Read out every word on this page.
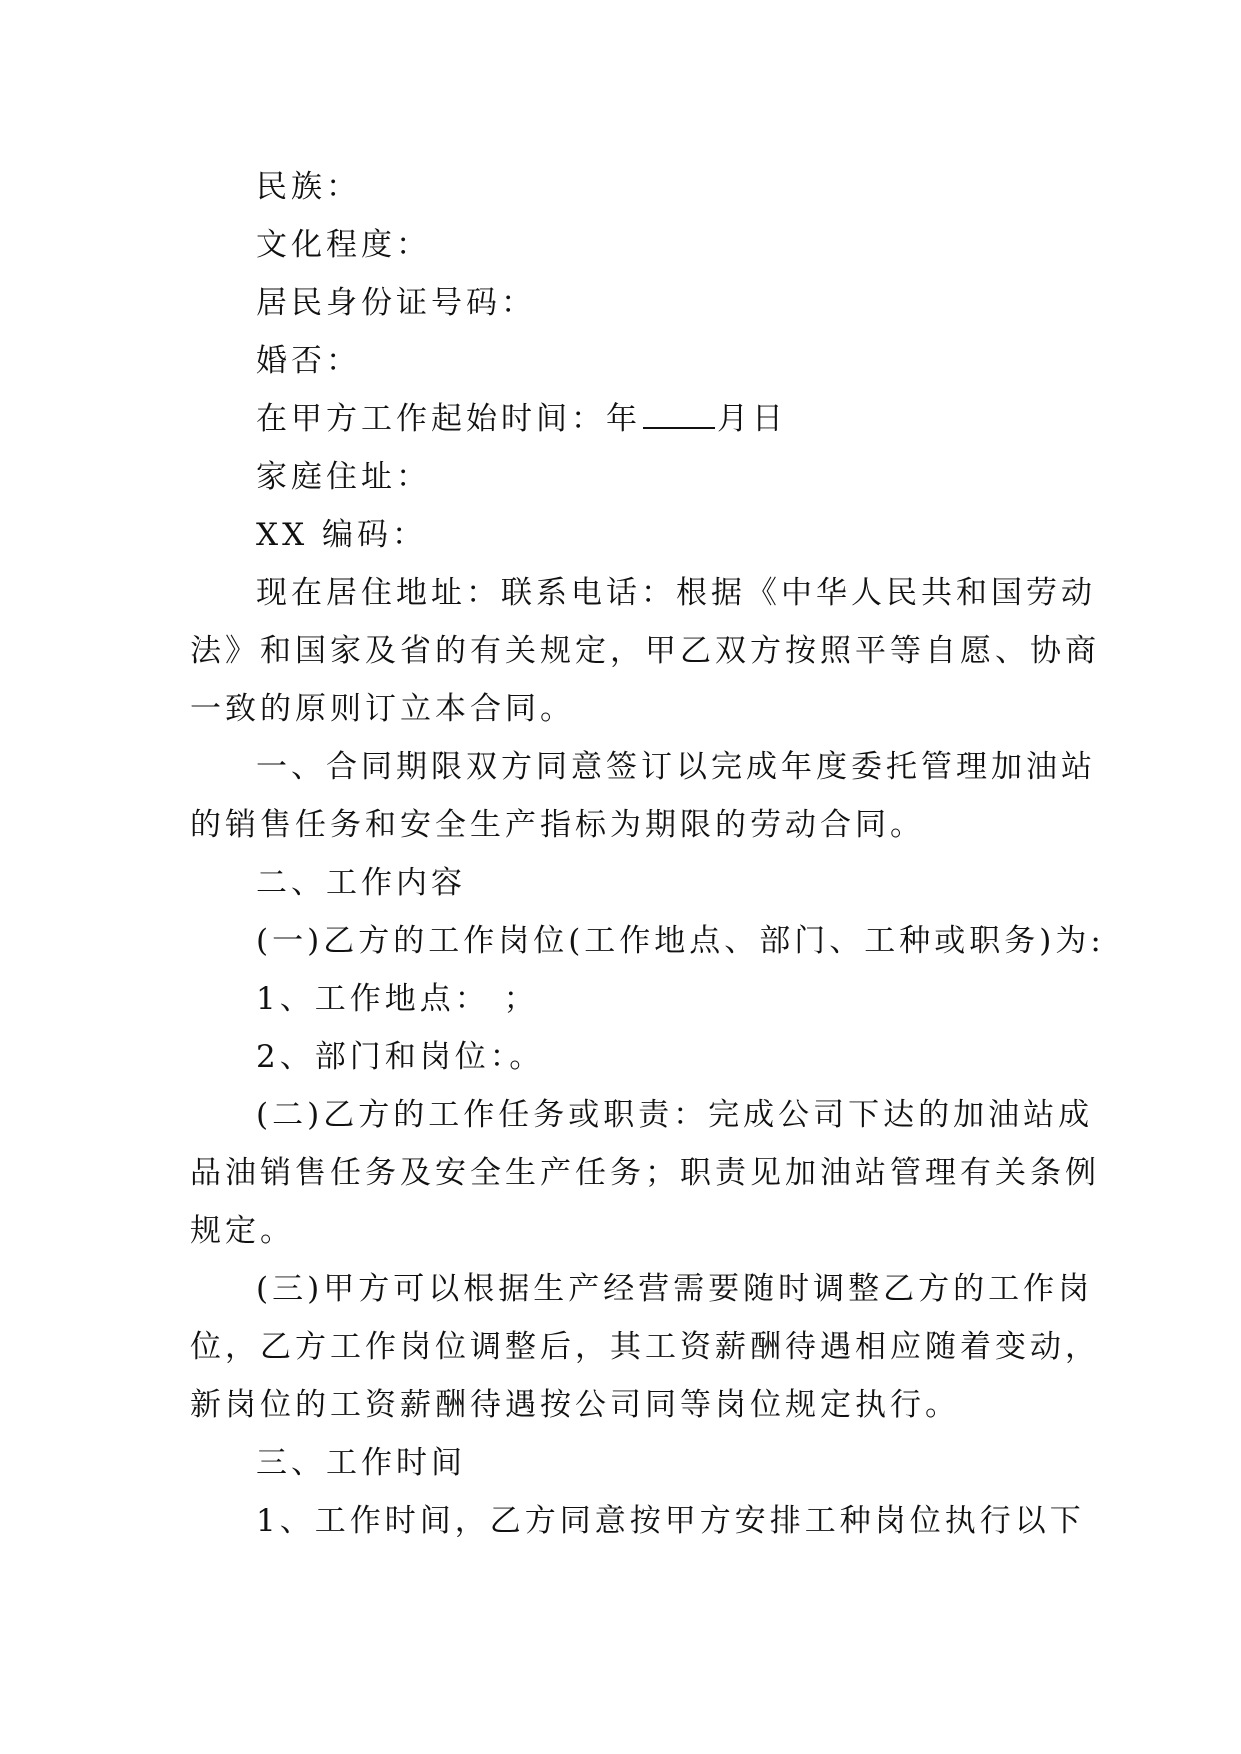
民族：
文化程度：
居民身份证号码：
婚否：
在甲方工作起始时间：年 月日
家庭住址：
XX 编码：
现在居住地址：联系电话：根据《中华人民共和国劳动
法》和国家及省的有关规定，甲乙双方按照平等自愿、协商
一致的原则订立本合同。
一、合同期限双方同意签订以完成年度委托管理加油站
的销售任务和安全生产指标为期限的劳动合同。
二、工作内容
(一)乙方的工作岗位(工作地点、部门、工种或职务)为:
1、工作地点： ；
2、部门和岗位：。
(二)乙方的工作任务或职责：完成公司下达的加油站成
品油销售任务及安全生产任务；职责见加油站管理有关条例
规定。
(三)甲方可以根据生产经营需要随时调整乙方的工作岗
位，乙方工作岗位调整后，其工资薪酬待遇相应随着变动，
新岗位的工资薪酬待遇按公司同等岗位规定执行。
三、工作时间
1、工作时间，乙方同意按甲方安排工种岗位执行以下
